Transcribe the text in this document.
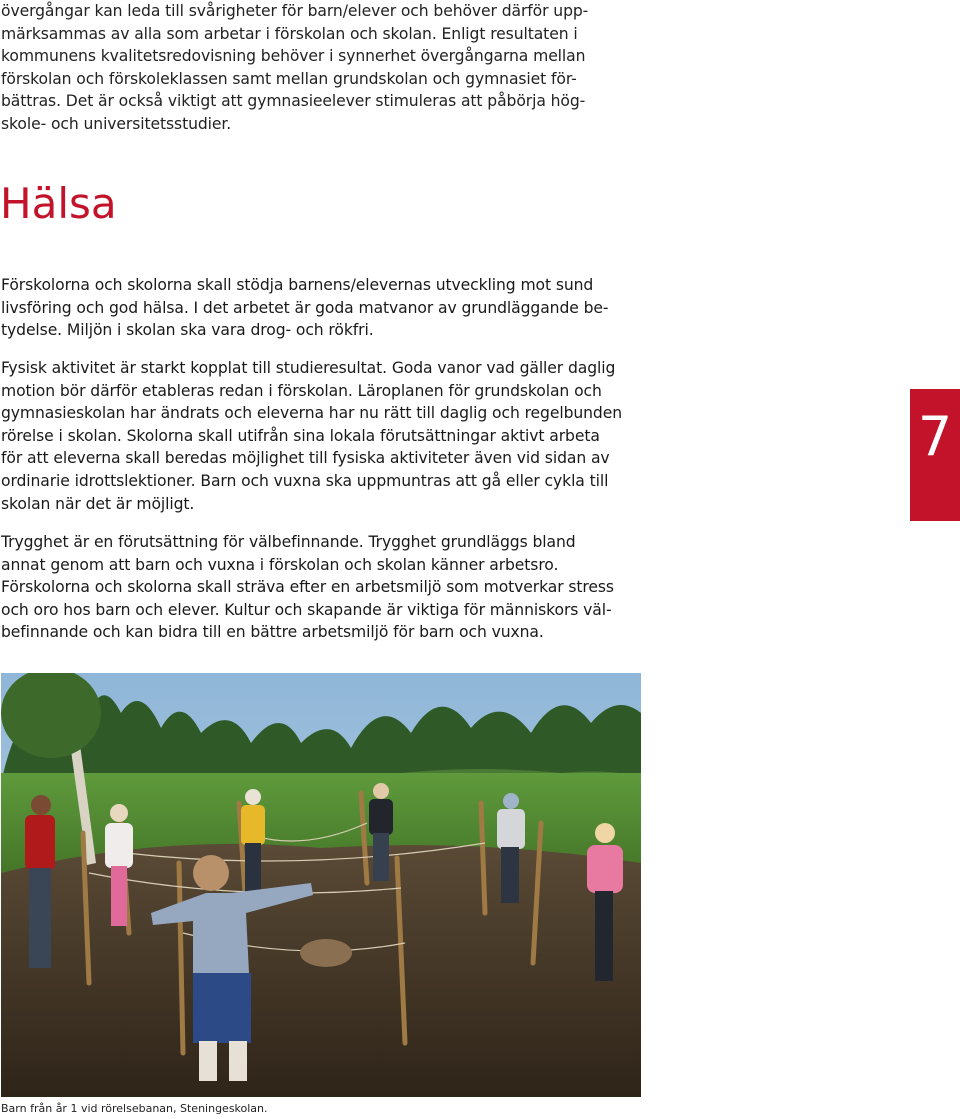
övergångar kan leda till svårigheter för barn/elever och behöver därför upp-
märksammas av alla som arbetar i förskolan och skolan. Enligt resultaten i
kommunens kvalitetsredovisning behöver i synnerhet övergångarna mellan
förskolan och förskoleklassen samt mellan grundskolan och gymnasiet för-
bättras. Det är också viktigt att gymnasieelever stimuleras att påbörja hög-
skole- och universitetsstudier.

Hälsa

Förskolorna och skolorna skall stödja barnens/elevernas utveckling mot sund
livsföring och god hälsa. I det arbetet är goda matvanor av grundläggande be-
tydelse. Miljön i skolan ska vara drog- och rökfri.

Fysisk aktivitet är starkt kopplat till studieresultat. Goda vanor vad gäller daglig
motion bör därför etableras redan i förskolan. Läroplanen för grundskolan och
gymnasieskolan har ändrats och eleverna har nu rätt till daglig och regelbunden
rörelse i skolan. Skolorna skall utifrån sina lokala förutsättningar aktivt arbeta
för att eleverna skall beredas möjlighet till fysiska aktiviteter även vid sidan av
ordinarie idrottslektioner. Barn och vuxna ska uppmuntras att gå eller cykla till
skolan när det är möjligt.

Trygghet är en förutsättning för välbefinnande. Trygghet grundläggs bland
annat genom att barn och vuxna i förskolan och skolan känner arbetsro.
Förskolorna och skolorna skall sträva efter en arbetsmiljö som motverkar stress
och oro hos barn och elever. Kultur och skapande är viktiga för människors väl-
befinnande och kan bidra till en bättre arbetsmiljö för barn och vuxna.

7

Barn från år 1 vid rörelsebanan, Steningeskolan.
